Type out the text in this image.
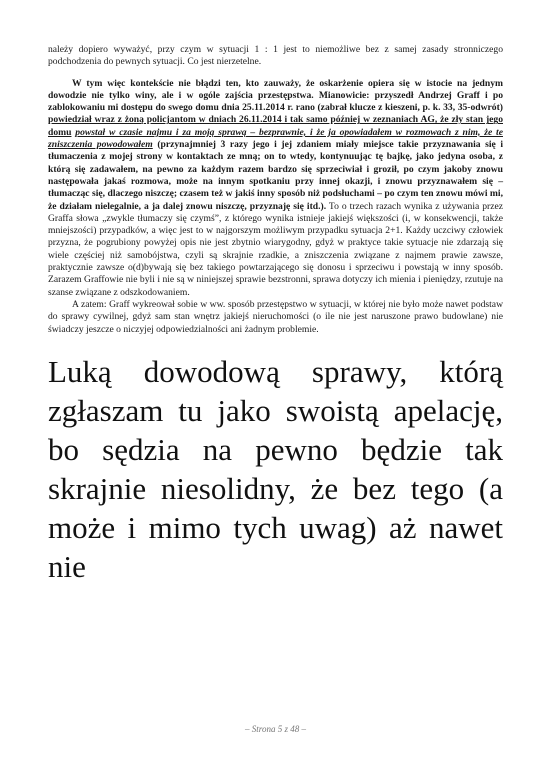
należy dopiero wyważyć, przy czym w sytuacji 1 : 1 jest to niemożliwe bez z samej zasady stronniczego podchodzenia do pewnych sytuacji. Co jest nierzetelne.

W tym więc kontekście nie błądzi ten, kto zauważy, że oskarżenie opiera się w istocie na jednym dowodzie nie tylko winy, ale i w ogóle zajścia przestępstwa. Mianowicie: przyszedł Andrzej Graff i po zablokowaniu mi dostępu do swego domu dnia 25.11.2014 r. rano (zabrał klucze z kieszeni, p. k. 33, 35-odwrót) powiedział wraz z żoną policjantom w dniach 26.11.2014 i tak samo później w zeznaniach AG, że zły stan jego domu powstał w czasie najmu i za moją sprawą – bezprawnie, i że ja opowiadałem w rozmowach z nim, że te zniszczenia powodowałem (przynajmniej 3 razy jego i jej zdaniem miały miejsce takie przyznawania się i tłumaczenia z mojej strony w kontaktach ze mną; on to wtedy, kontynuując tę bajkę, jako jedyna osoba, z którą się zadawałem, na pewno za każdym razem bardzo się sprzeciwiał i groził, po czym jakoby znowu następowała jakaś rozmowa, może na innym spotkaniu przy innej okazji, i znowu przyznawałem się – tłumacząc się, dlaczego niszczę; czasem też w jakiś inny sposób niż podsłuchami – po czym ten znowu mówi mi, że działam nielegalnie, a ja dalej znowu niszczę, przyznaję się itd.). To o trzech razach wynika z używania przez Graffa słowa „zwykle tłumaczy się czymś”, z którego wynika istnieje jakiejś większości (i, w konsekwencji, także mniejszości) przypadków, a więc jest to w najgorszym możliwym przypadku sytuacja 2+1. Każdy uczciwy człowiek przyzna, że pogrubiony powyżej opis nie jest zbytnio wiarygodny, gdyż w praktyce takie sytuacje nie zdarzają się wiele częściej niż samobójstwa, czyli są skrajnie rzadkie, a zniszczenia związane z najmem prawie zawsze, praktycznie zawsze o(d)bywają się bez takiego powtarzającego się donosu i sprzeciwu i powstają w inny sposób. Zarazem Graffowie nie byli i nie są w niniejszej sprawie bezstronni, sprawa dotyczy ich mienia i pieniędzy, rzutuje na szanse związane z odszkodowaniem.

A zatem: Graff wykreował sobie w ww. sposób przestępstwo w sytuacji, w której nie było może nawet podstaw do sprawy cywilnej, gdyż sam stan wnętrz jakiejś nieruchomości (o ile nie jest naruszone prawo budowlane) nie świadczy jeszcze o niczyjej odpowiedzialności ani żadnym problemie.

Luką dowodową sprawy, którą zgłaszam tu jako swoistą apelację, bo sędzia na pewno będzie tak skrajnie niesolidny, że bez tego (a może i mimo tych uwag) aż nawet nie

– Strona 5 z 48 –
